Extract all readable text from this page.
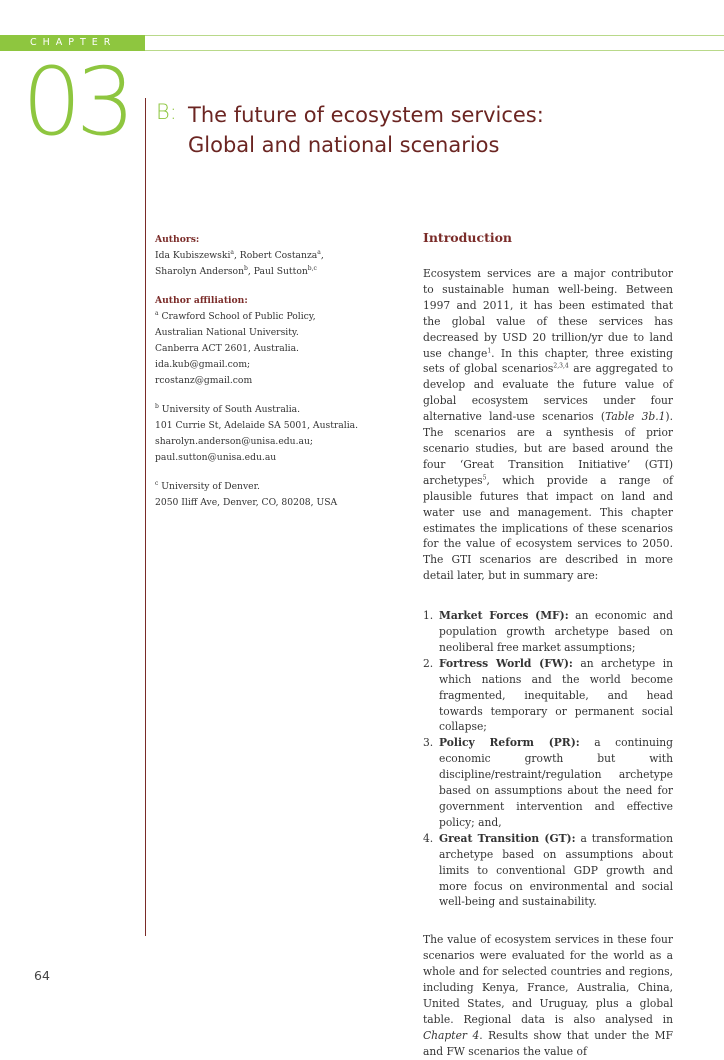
CHAPTER
03 B: The future of ecosystem services:
Global and national scenarios

Authors:

Ida Kubiszewski$^a$, Robert Costanza$^a$,

Sharolyn Anderson$^b$, Paul Sutton$^{b,c}$

Author affiliation:

$^a$ Crawford School of Public Policy,

Australian National University.

Canberra ACT 2601, Australia.

ida.kub@gmail.com;

rcostanz@gmail.com

$^b$ University of South Australia.

101 Currie St, Adelaide SA 5001, Australia.

sharolyn.anderson@unisa.edu.au;

paul.sutton@unisa.edu.au

$^c$ University of Denver.

2050 Iliff Ave, Denver, CO, 80208, USA

Introduction

Ecosystem services are a major contributor to sustainable human well-being. Between 1997 and 2011, it has been estimated that the global value of these services has decreased by USD 20 trillion/yr due to land use change$^1$. In this chapter, three existing sets of global scenarios$^{2,3,4}$ are aggregated to develop and evaluate the future value of global ecosystem services under four alternative land-use scenarios (Table 3b.1). The scenarios are a synthesis of prior scenario studies, but are based around the four ‘Great Transition Initiative’ (GTI) archetypes$^5$, which provide a range of plausible futures that impact on land and water use and management. This chapter estimates the implications of these scenarios for the value of ecosystem services to 2050. The GTI scenarios are described in more detail later, but in summary are:

1. Market Forces (MF): an economic and population growth archetype based on neoliberal free market assumptions;
2. Fortress World (FW): an archetype in which nations and the world become fragmented, inequitable, and head towards temporary or permanent social collapse;
3. Policy Reform (PR): a continuing economic growth but with discipline/restraint/regulation archetype based on assumptions about the need for government intervention and effective policy; and,
4. Great Transition (GT): a transformation archetype based on assumptions about limits to conventional GDP growth and more focus on environmental and social well-being and sustainability.

The value of ecosystem services in these four scenarios were evaluated for the world as a whole and for selected countries and regions, including Kenya, France, Australia, China, United States, and Uruguay, plus a global table. Regional data is also analysed in Chapter 4. Results show that under the MF and FW scenarios the value of

64
